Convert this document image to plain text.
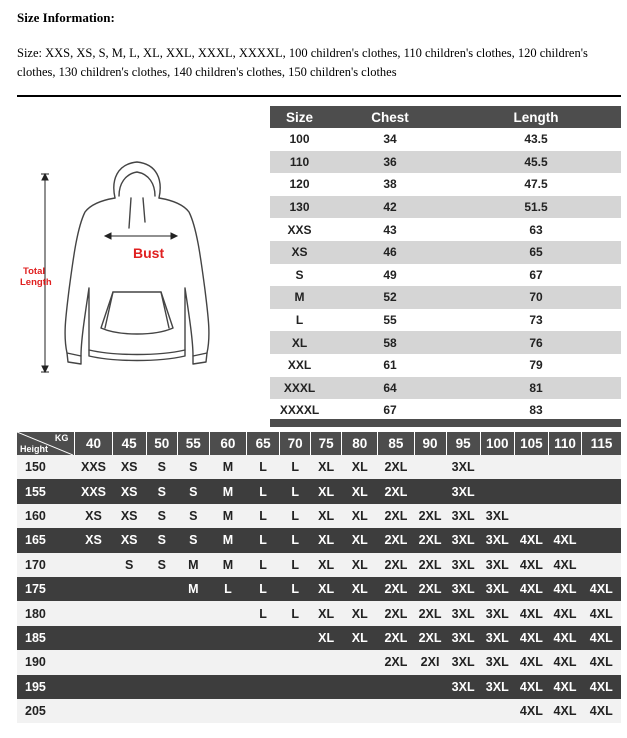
Size Information:
Size: XXS, XS, S, M, L, XL, XXL, XXXL, XXXXL, 100 children's clothes, 110 children's clothes, 120 children's clothes, 130 children's clothes, 140 children's clothes, 150 children's clothes
Bust
Total
Length
Size	Chest	Length
100	34	43.5
110	36	45.5
120	38	47.5
130	42	51.5
XXS	43	63
XS	46	65
S	49	67
M	52	70
L	55	73
XL	58	76
XXL	61	79
XXXL	64	81
XXXXL	67	83
KG
Height	40	45	50	55	60	65	70	75	80	85	90	95	100	105	110	115
150	XXS	XS	S	S	M	L	L	XL	XL	2XL		3XL				
155	XXS	XS	S	S	M	L	L	XL	XL	2XL		3XL				
160	XS	XS	S	S	M	L	L	XL	XL	2XL	2XL	3XL	3XL			
165	XS	XS	S	S	M	L	L	XL	XL	2XL	2XL	3XL	3XL	4XL	4XL	
170		S	S	M	M	L	L	XL	XL	2XL	2XL	3XL	3XL	4XL	4XL	
175				M	L	L	L	XL	XL	2XL	2XL	3XL	3XL	4XL	4XL	4XL
180						L	L	XL	XL	2XL	2XL	3XL	3XL	4XL	4XL	4XL
185								XL	XL	2XL	2XL	3XL	3XL	4XL	4XL	4XL
190										2XL	2XI	3XL	3XL	4XL	4XL	4XL
195												3XL	3XL	4XL	4XL	4XL
205														4XL	4XL	4XL
